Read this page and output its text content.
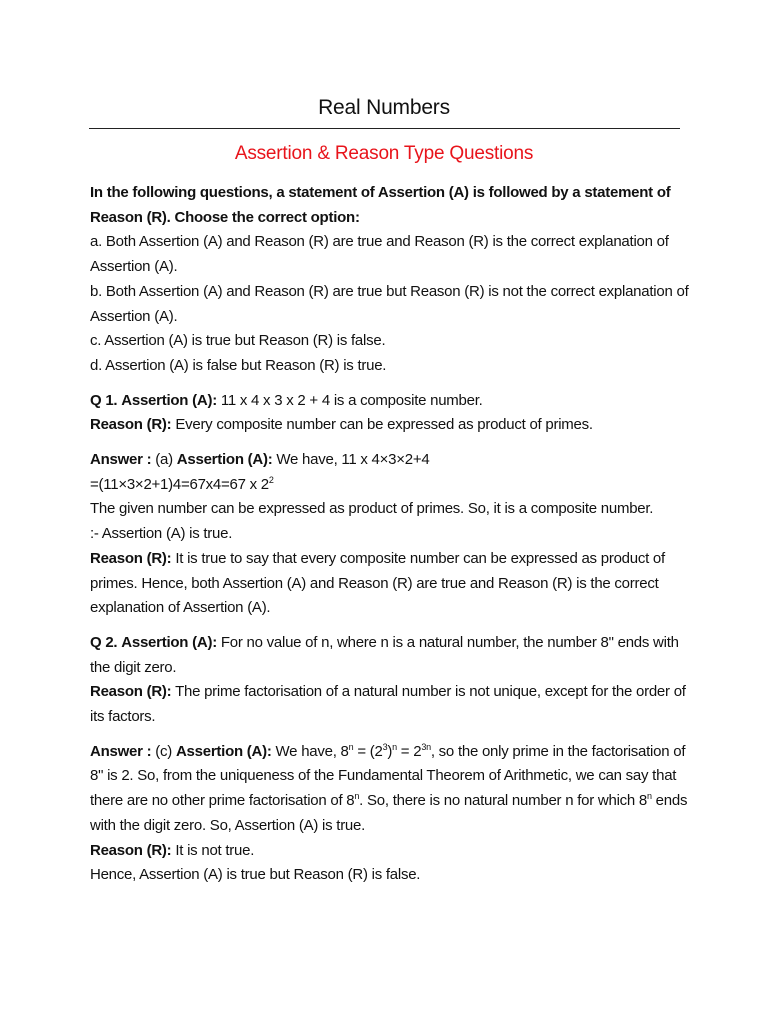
Real Numbers
Assertion & Reason Type Questions

In the following questions, a statement of Assertion (A) is followed by a statement of Reason (R). Choose the correct option:

a. Both Assertion (A) and Reason (R) are true and Reason (R) is the correct explanation of Assertion (A).

b. Both Assertion (A) and Reason (R) are true but Reason (R) is not the correct explanation of Assertion (A).

c. Assertion (A) is true but Reason (R) is false.

d. Assertion (A) is false but Reason (R) is true.

Q 1. Assertion (A): 11 x 4 x 3 x 2 + 4 is a composite number.

Reason (R): Every composite number can be expressed as product of primes.

Answer : (a) Assertion (A): We have, 11 x 4×3×2+4

=(11×3×2+1)4=67x4=67 x $2^2$

The given number can be expressed as product of primes. So, it is a composite number.

:- Assertion (A) is true.

Reason (R): It is true to say that every composite number can be expressed as product of primes. Hence, both Assertion (A) and Reason (R) are true and Reason (R) is the correct explanation of Assertion (A).

Q 2. Assertion (A): For no value of n, where n is a natural number, the number 8" ends with the digit zero.

Reason (R): The prime factorisation of a natural number is not unique, except for the order of its factors.

Answer : (c) Assertion (A): We have, $8^n = (2^3)^n = 2^{3n}$, so the only prime in the factorisation of 8" is 2. So, from the uniqueness of the Fundamental Theorem of Arithmetic, we can say that there are no other prime factorisation of 8$^n$. So, there is no natural number n for which 8$^n$ ends with the digit zero. So, Assertion (A) is true.

Reason (R): It is not true.

Hence, Assertion (A) is true but Reason (R) is false.
